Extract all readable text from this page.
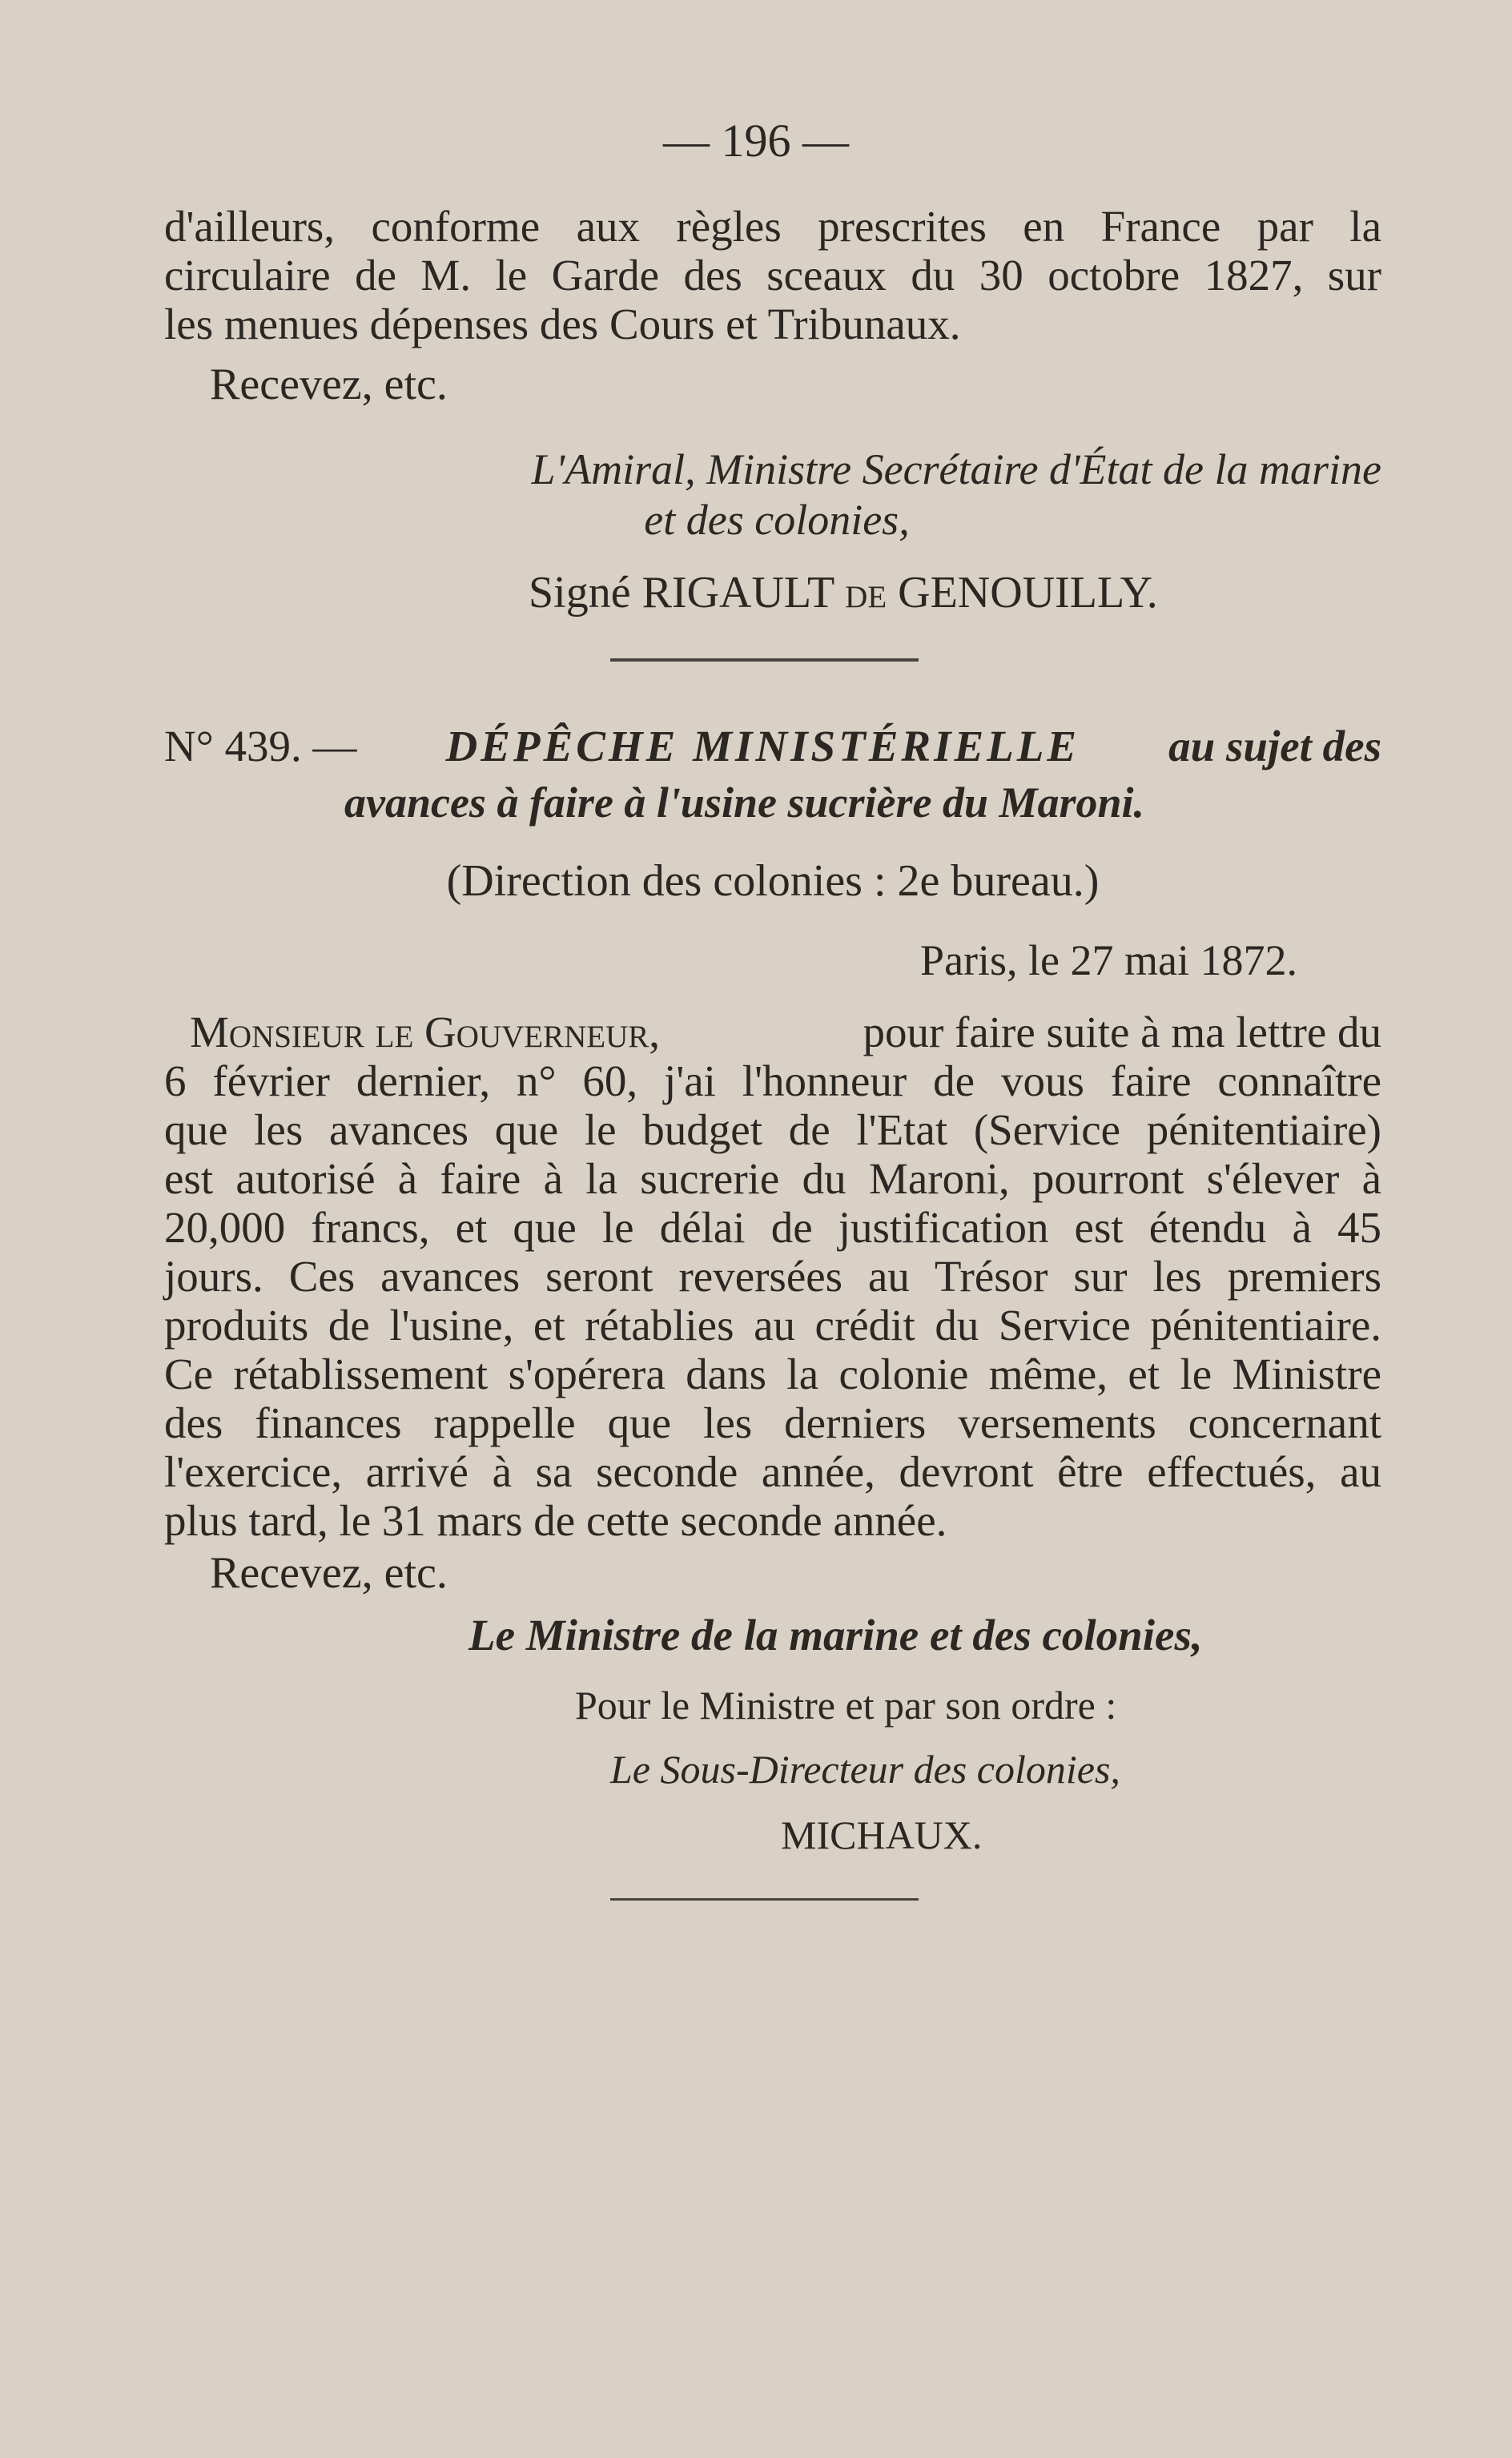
— 196 —

d'ailleurs, conforme aux règles prescrites en France par la

circulaire de M. le Garde des sceaux du 30 octobre 1827, sur

les menues dépenses des Cours et Tribunaux.

Recevez, etc.
L'Amiral, Ministre Secrétaire d'État de la marine
et des colonies,
Signé RIGAULT de GENOUILLY.

N° 439. — DÉPÊCHE MINISTÉRIELLE au sujet des

avances à faire à l'usine sucrière du Maroni.

(Direction des colonies : 2e bureau.)
Paris, le 27 mai 1872.

Monsieur le Gouverneur,	pour faire suite à ma lettre du

6 février dernier, n° 60, j'ai l'honneur de vous faire connaître

que les avances que le budget de l'Etat (Service pénitentiaire)

est autorisé à faire à la sucrerie du Maroni, pourront s'élever à

20,000 francs, et que le délai de justification est étendu à 45

jours. Ces avances seront reversées au Trésor sur les premiers

produits de l'usine, et rétablies au crédit du Service pénitentiaire.

Ce rétablissement s'opérera dans la colonie même, et le Ministre

des finances rappelle que les derniers versements concernant

l'exercice, arrivé à sa seconde année, devront être effectués, au

plus tard, le 31 mars de cette seconde année.

Recevez, etc.
Le Ministre de la marine et des colonies,
Pour le Ministre et par son ordre :
Le Sous-Directeur des colonies,
MICHAUX.
